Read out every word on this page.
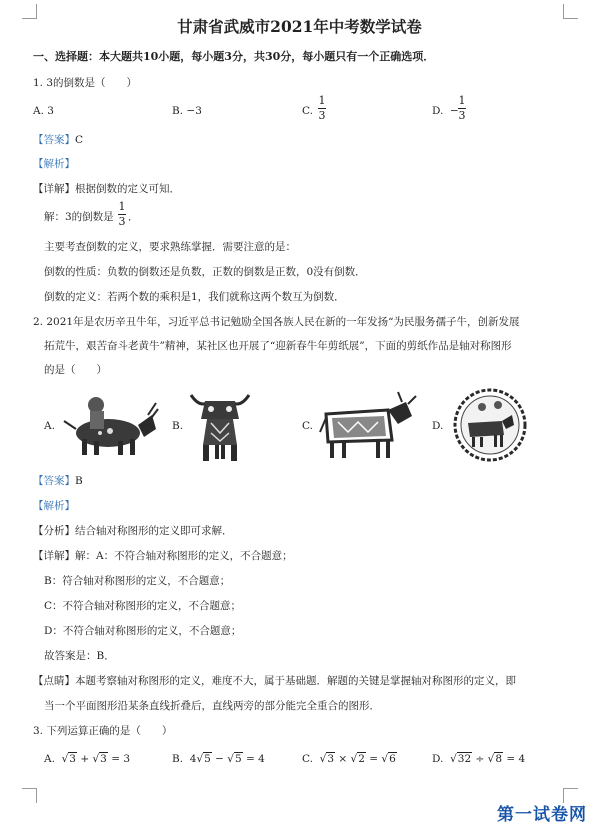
甘肃省武威市2021年中考数学试卷
一、选择题：本大题共10小题，每小题3分，共30分，每小题只有一个正确选项．
1. 3的倒数是（　　）
A. 3	B. −3	C.
1
3	D. −
1
3
【答案】C
【解析】
【详解】根据倒数的定义可知．
解：3的倒数是
1
3 ．
主要考查倒数的定义，要求熟练掌握．需要注意的是：
倒数的性质：负数的倒数还是负数，正数的倒数是正数，0没有倒数．
倒数的定义：若两个数的乘积是1，我们就称这两个数互为倒数．
2. 2021年是农历辛丑牛年，习近平总书记勉励全国各族人民在新的一年发扬“为民服务孺子牛，创新发展
拓荒牛，艰苦奋斗老黄牛”精神，某社区也开展了“迎新春牛年剪纸展”，下面的剪纸作品是轴对称图形
的是（　　）
A.	B.	C.	D.
【答案】B
【解析】
【分析】结合轴对称图形的定义即可求解．
【详解】解：A：不符合轴对称图形的定义，不合题意；
B：符合轴对称图形的定义，不合题意；
C：不符合轴对称图形的定义，不合题意；
D：不符合轴对称图形的定义，不合题意；
故答案是：B．
【点睛】本题考察轴对称图形的定义，难度不大，属于基础题．解题的关键是掌握轴对称图形的定义，即
当一个平面图形沿某条直线折叠后，直线两旁的部分能完全重合的图形．
3. 下列运算正确的是（　　）
A.  √3 + √3 = 3	B. 4√5 − √5 = 4	C.  √3 × √2 = √6	D.  √32 ÷ √8 = 4
第一试卷网
